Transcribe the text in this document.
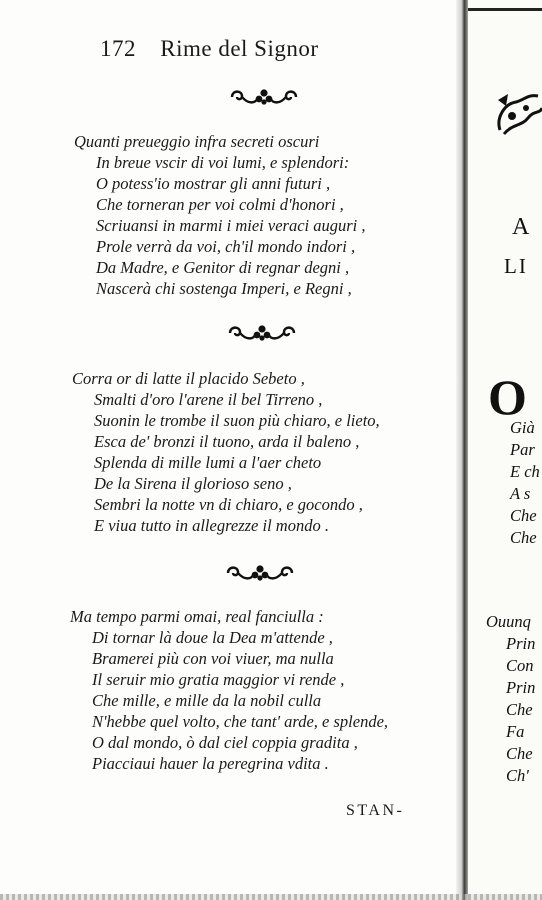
172 Rime del Signor
Quanti preueggio infra secreti oscuri
In breue vscir di voi lumi, e splendori:
O potess'io mostrar gli anni futuri ,
Che torneran per voi colmi d'honori ,
Scriuansi in marmi i miei veraci auguri ,
Prole verrà da voi, ch'il mondo indori ,
Da Madre, e Genitor di regnar degni ,
Nascerà chi sostenga Imperi, e Regni ,
Corra or di latte il placido Sebeto ,
Smalti d'oro l'arene il bel Tirreno ,
Suonin le trombe il suon più chiaro, e lieto,
Esca de' bronzi il tuono, arda il baleno ,
Splenda di mille lumi a l'aer cheto
De la Sirena il glorioso seno ,
Sembri la notte vn di chiaro, e gocondo ,
E viua tutto in allegrezze il mondo .
Ma tempo parmi omai, real fanciulla :
Di tornar là doue la Dea m'attende ,
Bramerei più con voi viuer, ma nulla
Il seruir mio gratia maggior vi rende ,
Che mille, e mille da la nobil culla
N'hebbe quel volto, che tant' arde, e splende,
O dal mondo, ò dal ciel coppia gradita ,
Piacciaui hauer la peregrina vdita .
STAN-
A
LI
O
Già
Par
E ch
A s
Che
Che
Ouunq
Prin
Con
Prin
Che
Fa
Che
Ch'
